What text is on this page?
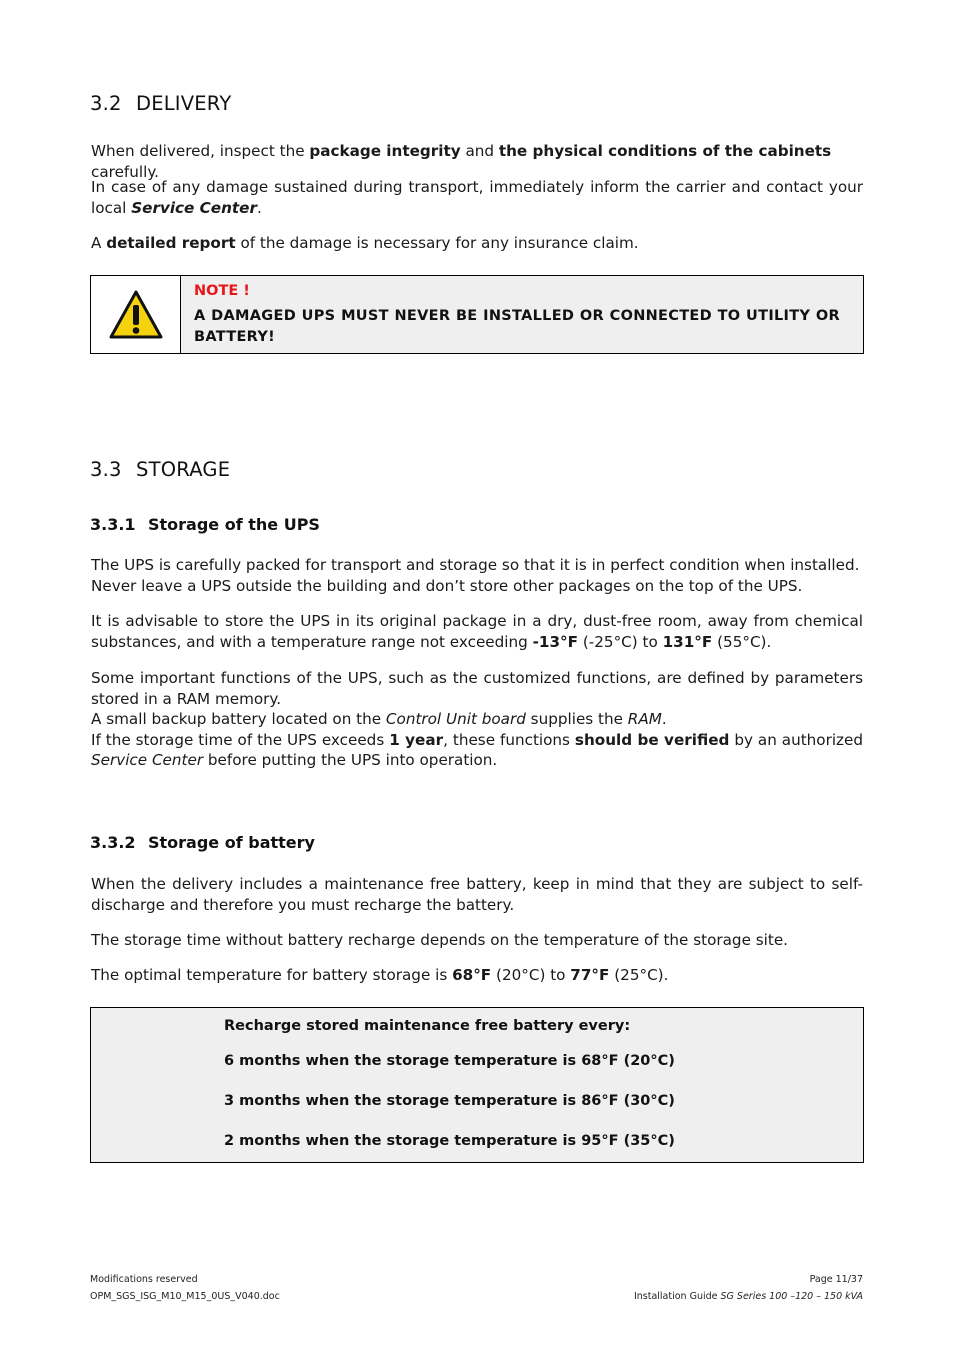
3.2 DELIVERY
When delivered, inspect the package integrity and the physical conditions of the cabinets carefully.
In case of any damage sustained during transport, immediately inform the carrier and contact your local Service Center.
A detailed report of the damage is necessary for any insurance claim.
NOTE !
A DAMAGED UPS MUST NEVER BE INSTALLED OR CONNECTED TO UTILITY OR BATTERY!
3.3 STORAGE
3.3.1 Storage of the UPS
The UPS is carefully packed for transport and storage so that it is in perfect condition when installed.
Never leave a UPS outside the building and don’t store other packages on the top of the UPS.
It is advisable to store the UPS in its original package in a dry, dust-free room, away from chemical substances, and with a temperature range not exceeding -13°F (-25°C) to 131°F (55°C).
Some important functions of the UPS, such as the customized functions, are defined by parameters stored in a RAM memory.
A small backup battery located on the Control Unit board supplies the RAM.
If the storage time of the UPS exceeds 1 year, these functions should be verified by an authorized Service Center before putting the UPS into operation.
3.3.2 Storage of battery
When the delivery includes a maintenance free battery, keep in mind that they are subject to self-discharge and therefore you must recharge the battery.
The storage time without battery recharge depends on the temperature of the storage site.
The optimal temperature for battery storage is 68°F (20°C) to 77°F (25°C).
Recharge stored maintenance free battery every:
6 months when the storage temperature is 68°F (20°C)
3 months when the storage temperature is 86°F (30°C)
2 months when the storage temperature is 95°F (35°C)
Modifications reserved
OPM_SGS_ISG_M10_M15_0US_V040.doc
Page 11/37
Installation Guide SG Series 100 –120 – 150 kVA
